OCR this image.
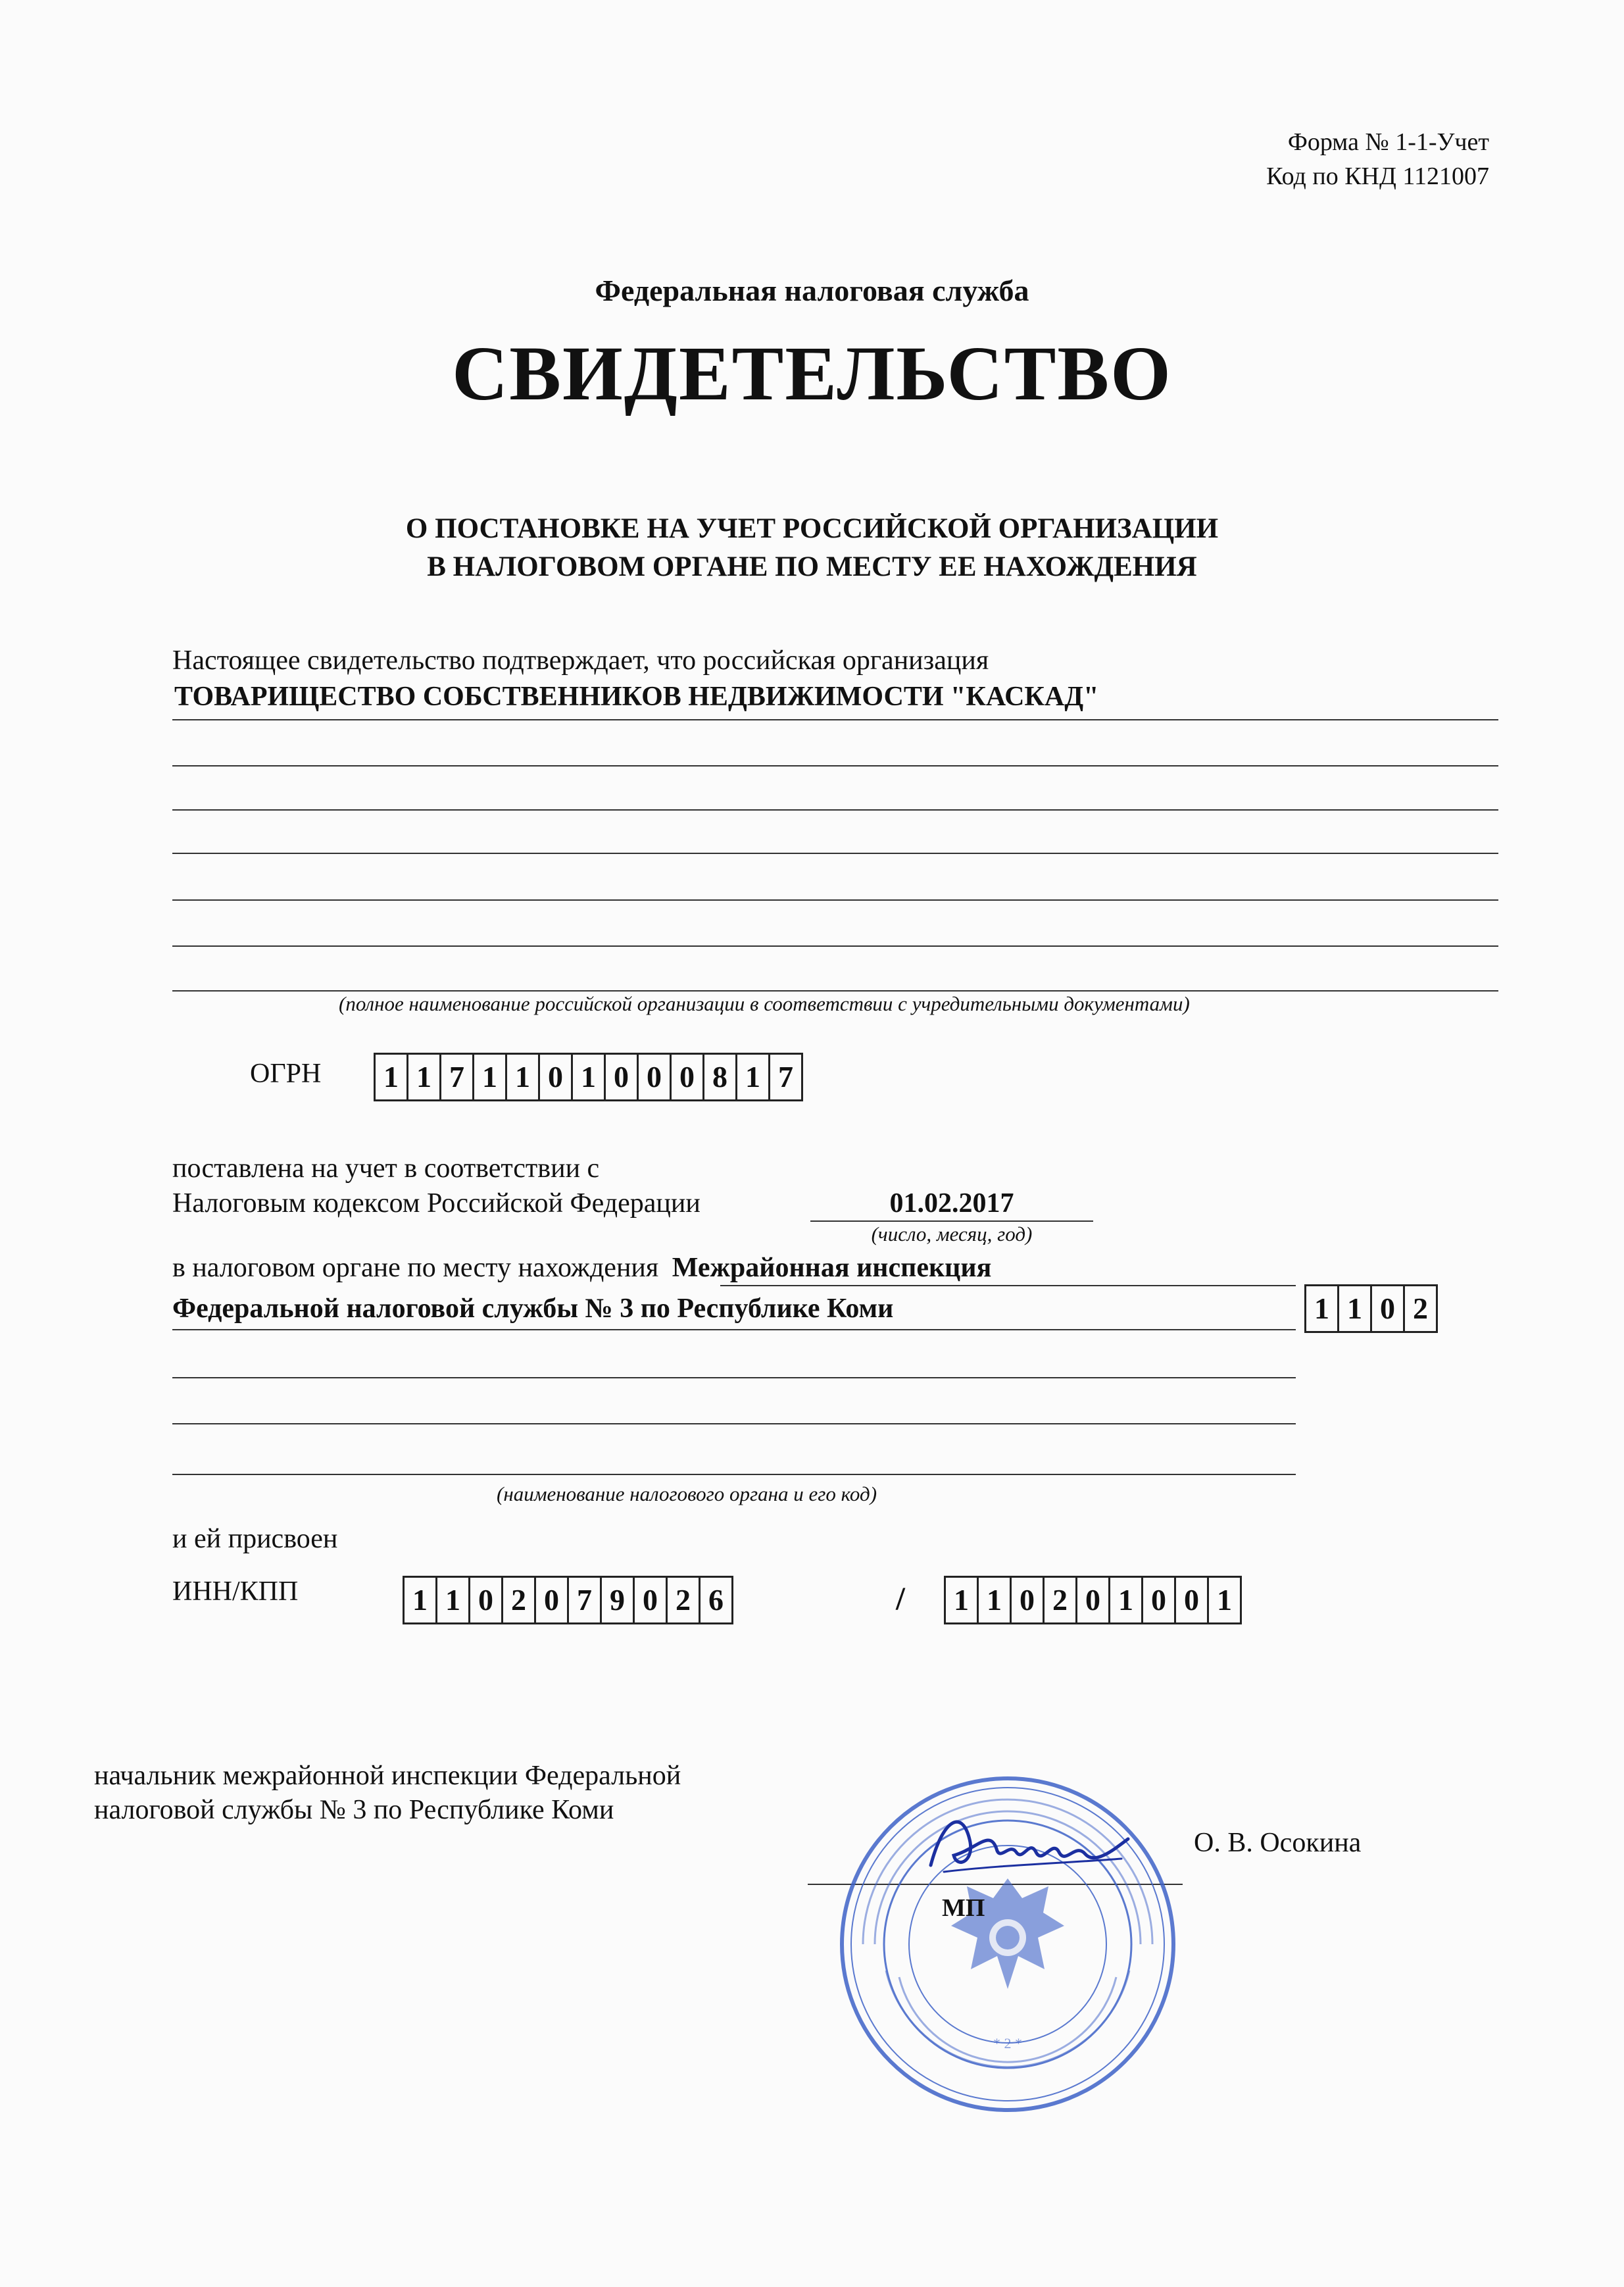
Форма № 1-1-Учет
Код по КНД 1121007
Федеральная налоговая служба
СВИДЕТЕЛЬСТВО
О ПОСТАНОВКЕ НА УЧЕТ РОССИЙСКОЙ ОРГАНИЗАЦИИ
В НАЛОГОВОМ ОРГАНЕ ПО МЕСТУ ЕЕ НАХОЖДЕНИЯ
Настоящее свидетельство подтверждает, что российская организация
ТОВАРИЩЕСТВО СОБСТВЕННИКОВ НЕДВИЖИМОСТИ "КАСКАД"
(полное наименование российской организации в соответствии с учредительными документами)
ОГРН 1 1 7 1 1 0 1 0 0 0 8 1 7
поставлена на учет в соответствии с
Налоговым кодексом Российской Федерации	01.02.2017
(число, месяц, год)
в налоговом органе по месту нахождения Межрайонная инспекция
Федеральной налоговой службы № 3 по Республике Коми	1 1 0 2
(наименование налогового органа и его код)
и ей присвоен
ИНН/КПП	1 1 0 2 0 7 9 0 2 6	/ 1 1 0 2 0 1 0 0 1
начальник межрайонной инспекции Федеральной
налоговой службы № 3 по Республике Коми
О. В. Осокина
* 2 *
МП
